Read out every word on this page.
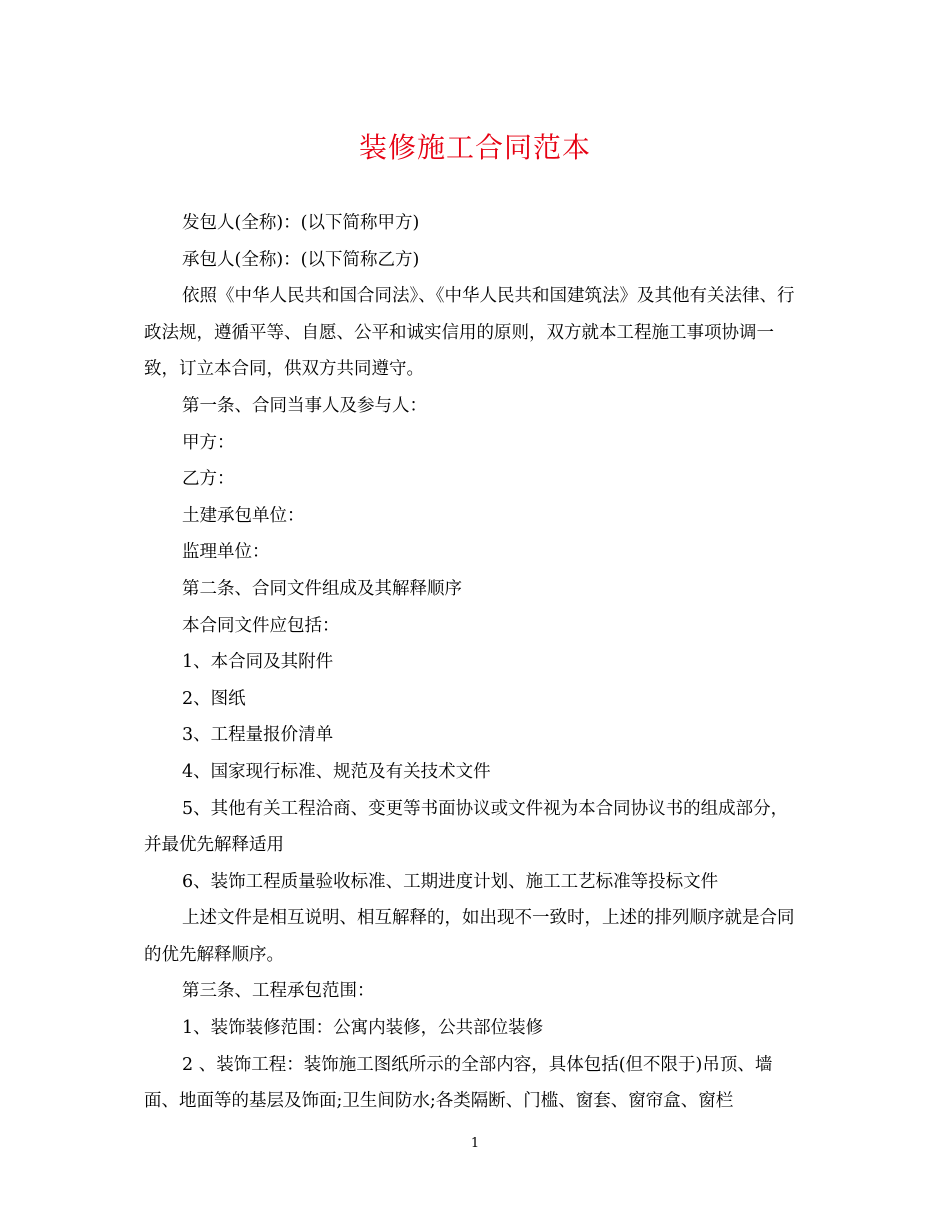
装修施工合同范本

发包人(全称)：(以下简称甲方)

承包人(全称)：(以下简称乙方)

依照《中华人民共和国合同法》、《中华人民共和国建筑法》及其他有关法律、行政法规，遵循平等、自愿、公平和诚实信用的原则，双方就本工程施工事项协调一致，订立本合同，供双方共同遵守。

第一条、合同当事人及参与人：

甲方：

乙方：

土建承包单位：

监理单位：

第二条、合同文件组成及其解释顺序

本合同文件应包括：

1、本合同及其附件

2、图纸

3、工程量报价清单

4、国家现行标准、规范及有关技术文件

5、其他有关工程洽商、变更等书面协议或文件视为本合同协议书的组成部分，并最优先解释适用

6、装饰工程质量验收标准、工期进度计划、施工工艺标准等投标文件

上述文件是相互说明、相互解释的，如出现不一致时，上述的排列顺序就是合同的优先解释顺序。

第三条、工程承包范围：

1、装饰装修范围：公寓内装修，公共部位装修

2 、装饰工程：装饰施工图纸所示的全部内容，具体包括(但不限于)吊顶、墙面、地面等的基层及饰面;卫生间防水;各类隔断、门槛、窗套、窗帘盒、窗栏

1
